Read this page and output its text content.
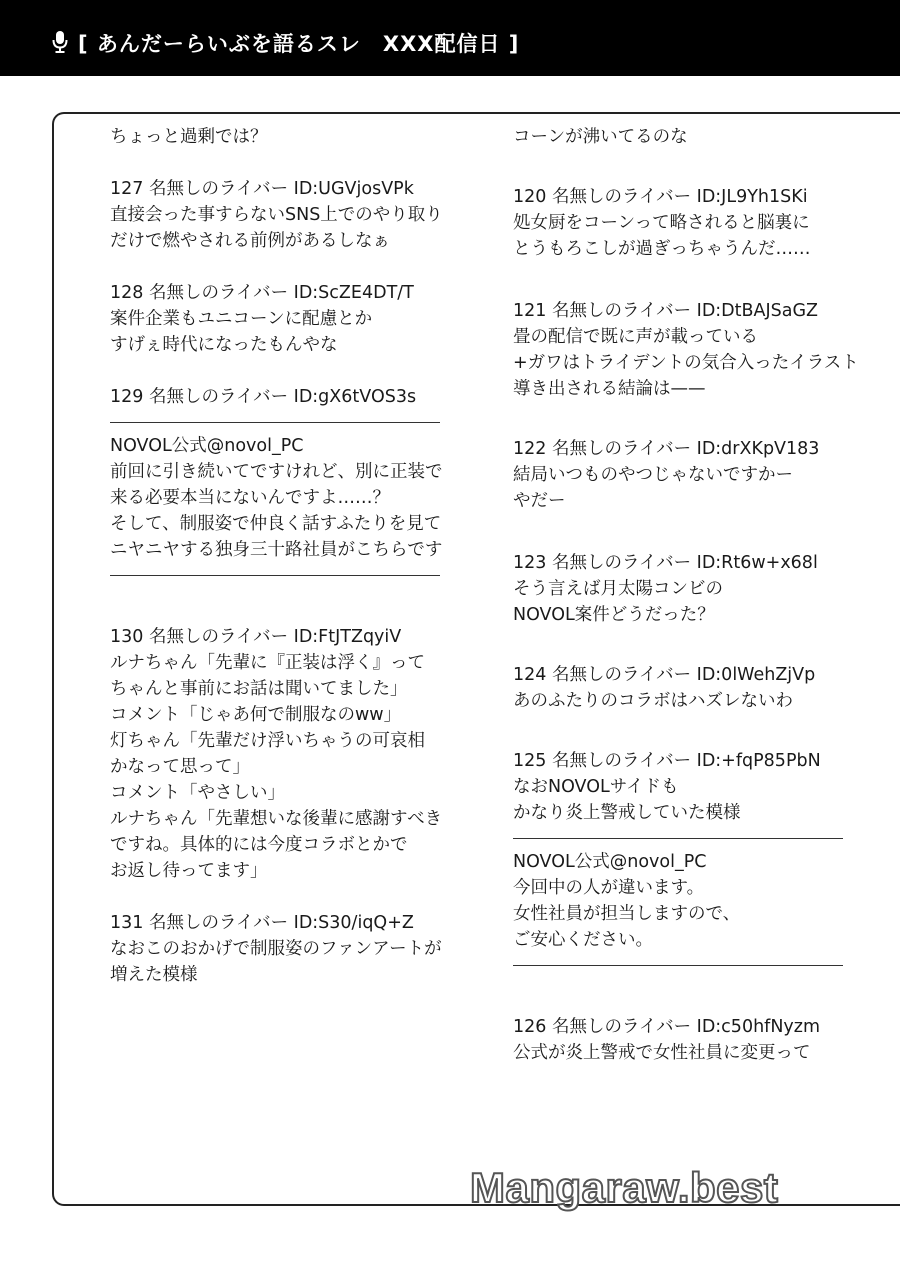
[ あんだーらいぶを語るスレ　XXX配信日 ]
ちょっと過剰では？
127 名無しのライバー ID:UGVjosVPk
直接会った事すらないSNS上でのやり取り
だけで燃やされる前例があるしなぁ
128 名無しのライバー ID:ScZE4DT/T
案件企業もユニコーンに配慮とか
すげぇ時代になったもんやな
129 名無しのライバー ID:gX6tVOS3s
NOVOL公式@novol_PC
前回に引き続いてですけれど、別に正装で
来る必要本当にないんですよ……？
そして、制服姿で仲良く話すふたりを見て
ニヤニヤする独身三十路社員がこちらです
130 名無しのライバー ID:FtJTZqyiV
ルナちゃん「先輩に『正装は浮く』って
ちゃんと事前にお話は聞いてました」
コメント「じゃあ何で制服なのww」
灯ちゃん「先輩だけ浮いちゃうの可哀相
かなって思って」
コメント「やさしい」
ルナちゃん「先輩想いな後輩に感謝すべき
ですね。具体的には今度コラボとかで
お返し待ってます」
131 名無しのライバー ID:S30/iqQ+Z
なおこのおかげで制服姿のファンアートが
増えた模様
コーンが沸いてるのな
120 名無しのライバー ID:JL9Yh1SKi
処女厨をコーンって略されると脳裏に
とうもろこしが過ぎっちゃうんだ……
121 名無しのライバー ID:DtBAJSaGZ
畳の配信で既に声が載っている
+ガワはトライデントの気合入ったイラスト
導き出される結論は——
122 名無しのライバー ID:drXKpV183
結局いつものやつじゃないですかー
やだー
123 名無しのライバー ID:Rt6w+x68l
そう言えば月太陽コンビの
NOVOL案件どうだった？
124 名無しのライバー ID:0lWehZjVp
あのふたりのコラボはハズレないわ
125 名無しのライバー ID:+fqP85PbN
なおNOVOLサイドも
かなり炎上警戒していた模様
NOVOL公式@novol_PC
今回中の人が違います。
女性社員が担当しますので、
ご安心ください。
126 名無しのライバー ID:c50hfNyzm
公式が炎上警戒で女性社員に変更って
Mangaraw.best
